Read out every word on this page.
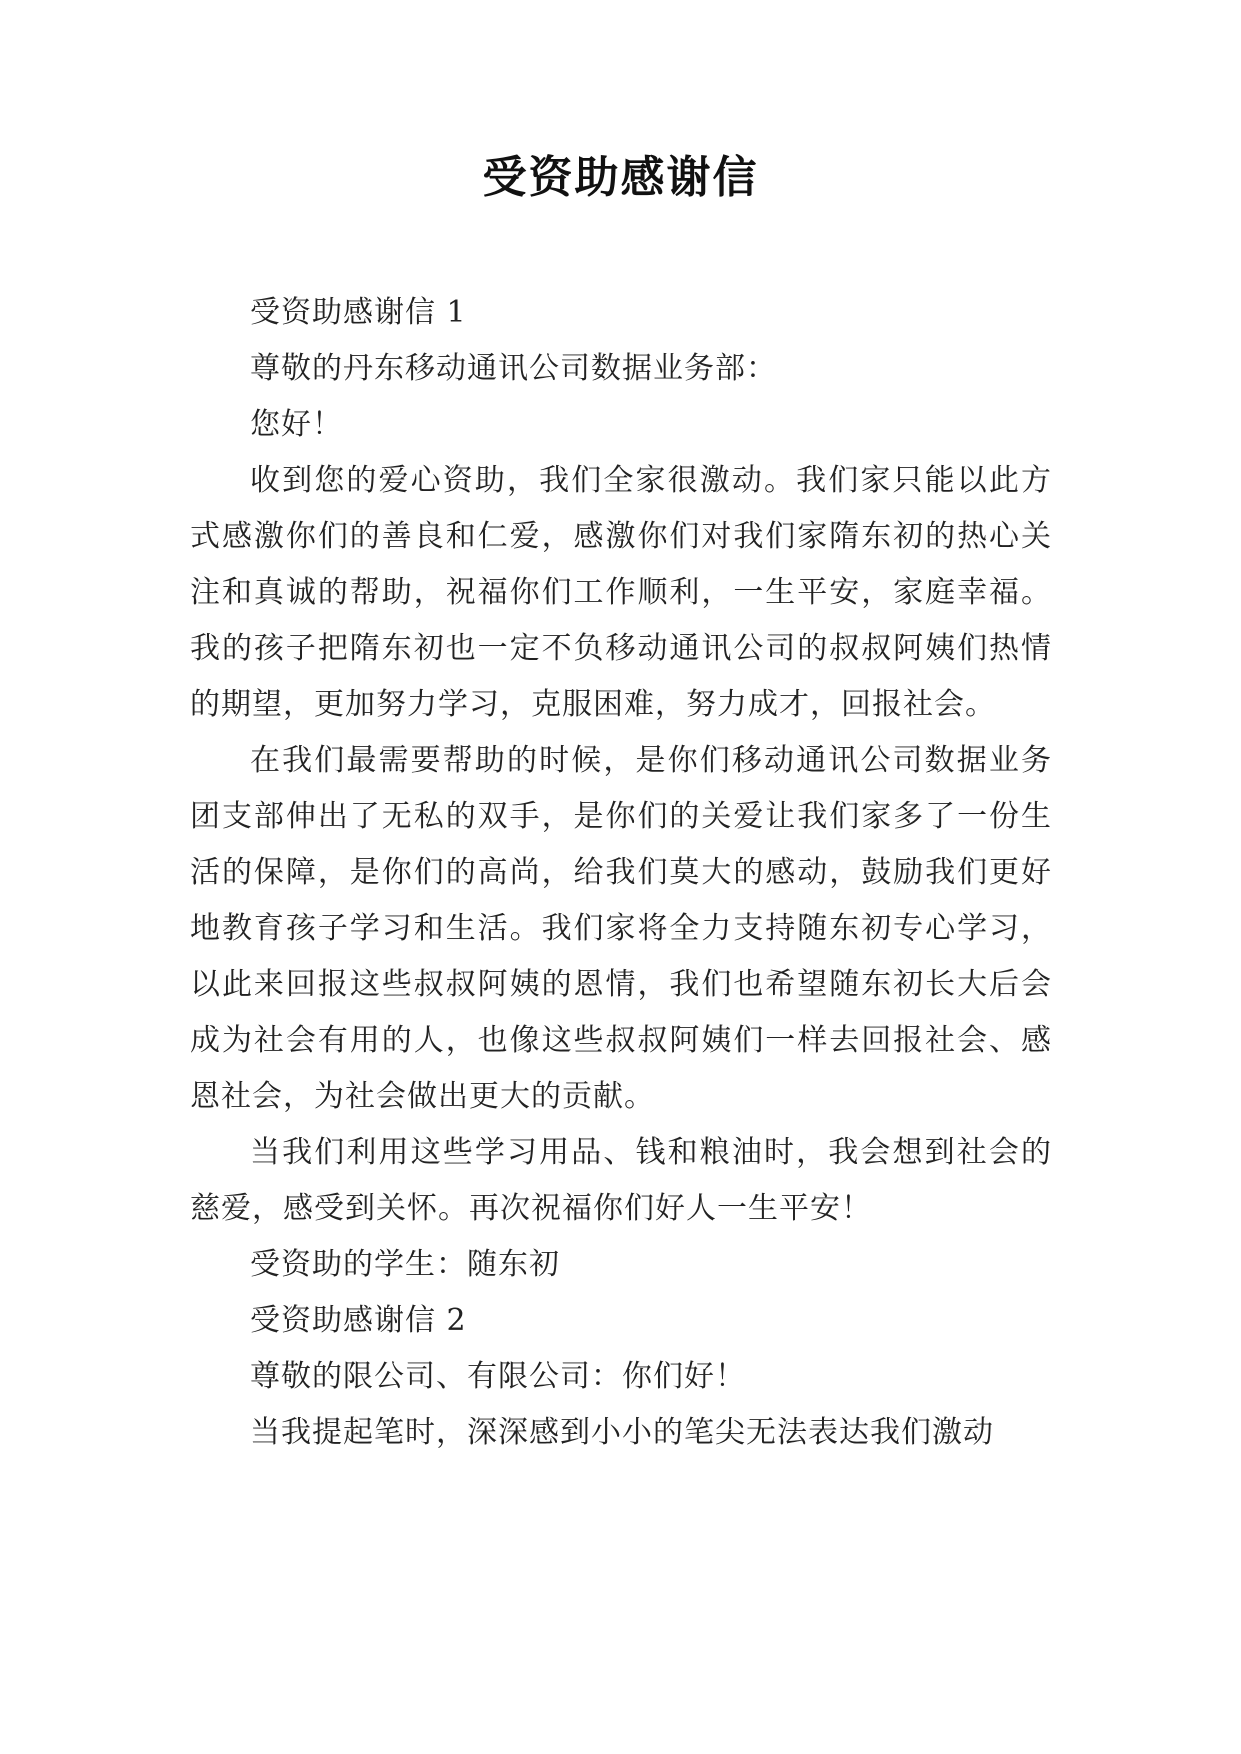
受资助感谢信

受资助感谢信 1

尊敬的丹东移动通讯公司数据业务部：

您好！

收到您的爱心资助，我们全家很激动。我们家只能以此方式感激你们的善良和仁爱，感激你们对我们家隋东初的热心关注和真诚的帮助，祝福你们工作顺利，一生平安，家庭幸福。我的孩子把隋东初也一定不负移动通讯公司的叔叔阿姨们热情的期望，更加努力学习，克服困难，努力成才，回报社会。

在我们最需要帮助的时候，是你们移动通讯公司数据业务团支部伸出了无私的双手，是你们的关爱让我们家多了一份生活的保障，是你们的高尚，给我们莫大的感动，鼓励我们更好地教育孩子学习和生活。我们家将全力支持随东初专心学习，以此来回报这些叔叔阿姨的恩情，我们也希望随东初长大后会成为社会有用的人，也像这些叔叔阿姨们一样去回报社会、感恩社会，为社会做出更大的贡献。

当我们利用这些学习用品、钱和粮油时，我会想到社会的慈爱，感受到关怀。再次祝福你们好人一生平安！

受资助的学生：随东初

受资助感谢信 2

尊敬的限公司、有限公司：你们好！

当我提起笔时，深深感到小小的笔尖无法表达我们激动
